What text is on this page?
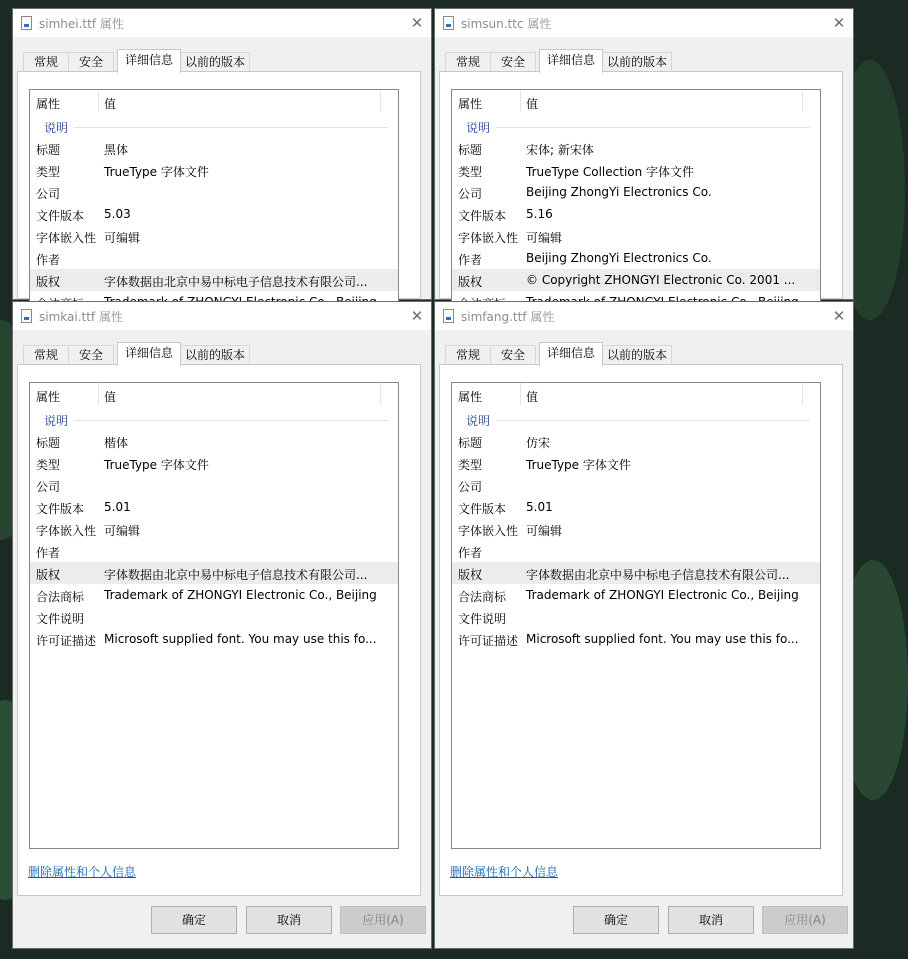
simhei.ttf 属性	✕
常规	安全	详细信息 以前的版本
属性	值
说明
标题	黑体
类型	TrueType 字体文件
公司
文件版本 5.03
字体嵌入性 可编辑
作者
版权	字体数据由北京中易中标电子信息技术有限公司...
simsun.ttc 属性	✕
常规	安全	详细信息 以前的版本
属性	值
说明
标题	宋体; 新宋体
类型	TrueType Collection 字体文件
公司	Beijing ZhongYi Electronics Co.
文件版本 5.16
字体嵌入性 可编辑
作者	Beijing ZhongYi Electronics Co.
版权	© Copyright ZHONGYI Electronic Co. 2001 ...
simkai.ttf 属性	✕
常规	安全	详细信息 以前的版本
属性	值
说明
标题	楷体
类型	TrueType 字体文件
公司
文件版本 5.01
字体嵌入性 可编辑
作者
版权	字体数据由北京中易中标电子信息技术有限公司...
合法商标 Trademark of ZHONGYI Electronic Co., Beijing
文件说明
许可证描述 Microsoft supplied font. You may use this fo...
删除属性和个人信息
确定	取消	应用(A)
simfang.ttf 属性	✕
常规	安全	详细信息 以前的版本
属性	值
说明
标题	仿宋
类型	TrueType 字体文件
公司
文件版本 5.01
字体嵌入性 可编辑
作者
版权	字体数据由北京中易中标电子信息技术有限公司...
合法商标 Trademark of ZHONGYI Electronic Co., Beijing
文件说明
许可证描述 Microsoft supplied font. You may use this fo...
删除属性和个人信息
确定	取消	应用(A)
